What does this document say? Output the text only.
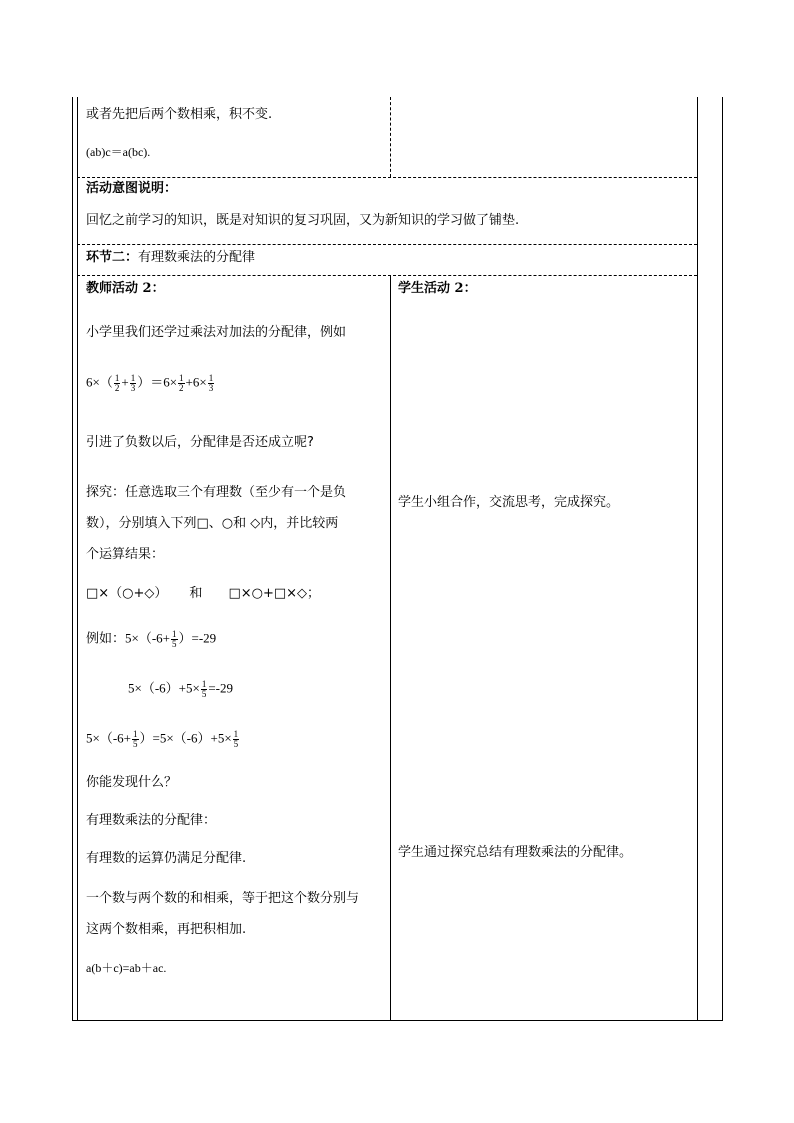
或者先把后两个数相乘，积不变.
(ab)c＝a(bc).
活动意图说明：
回忆之前学习的知识，既是对知识的复习巩固，又为新知识的学习做了铺垫.
环节二：有理数乘法的分配律
教师活动 2：
小学里我们还学过乘法对加法的分配律，例如
$6\times( \frac{1}{2} + \frac{1}{3} )=6\times \frac{1}{2} +6\times \frac{1}{3}$
引进了负数以后，分配律是否还成立呢?
探究：任意选取三个有理数（至少有一个是负
数），分别填入下列□、○和 ◇内，并比较两
个运算结果：
□×（○+◇） 和 □×○+□×◇；
例如：$5\times(-6+ \frac{1}{5} )=-29$
$5\times(-6)+5\times \frac{1}{5} =-29$
$5\times(-6+ \frac{1}{5} )=5\times(-6)+5\times \frac{1}{5}$
你能发现什么？
有理数乘法的分配律：
有理数的运算仍满足分配律.
一个数与两个数的和相乘，等于把这个数分别与
这两个数相乘，再把积相加.
a(b＋c)=ab＋ac.
学生活动 2：
学生小组合作，交流思考，完成探究。
学生通过探究总结有理数乘法的分配律。
